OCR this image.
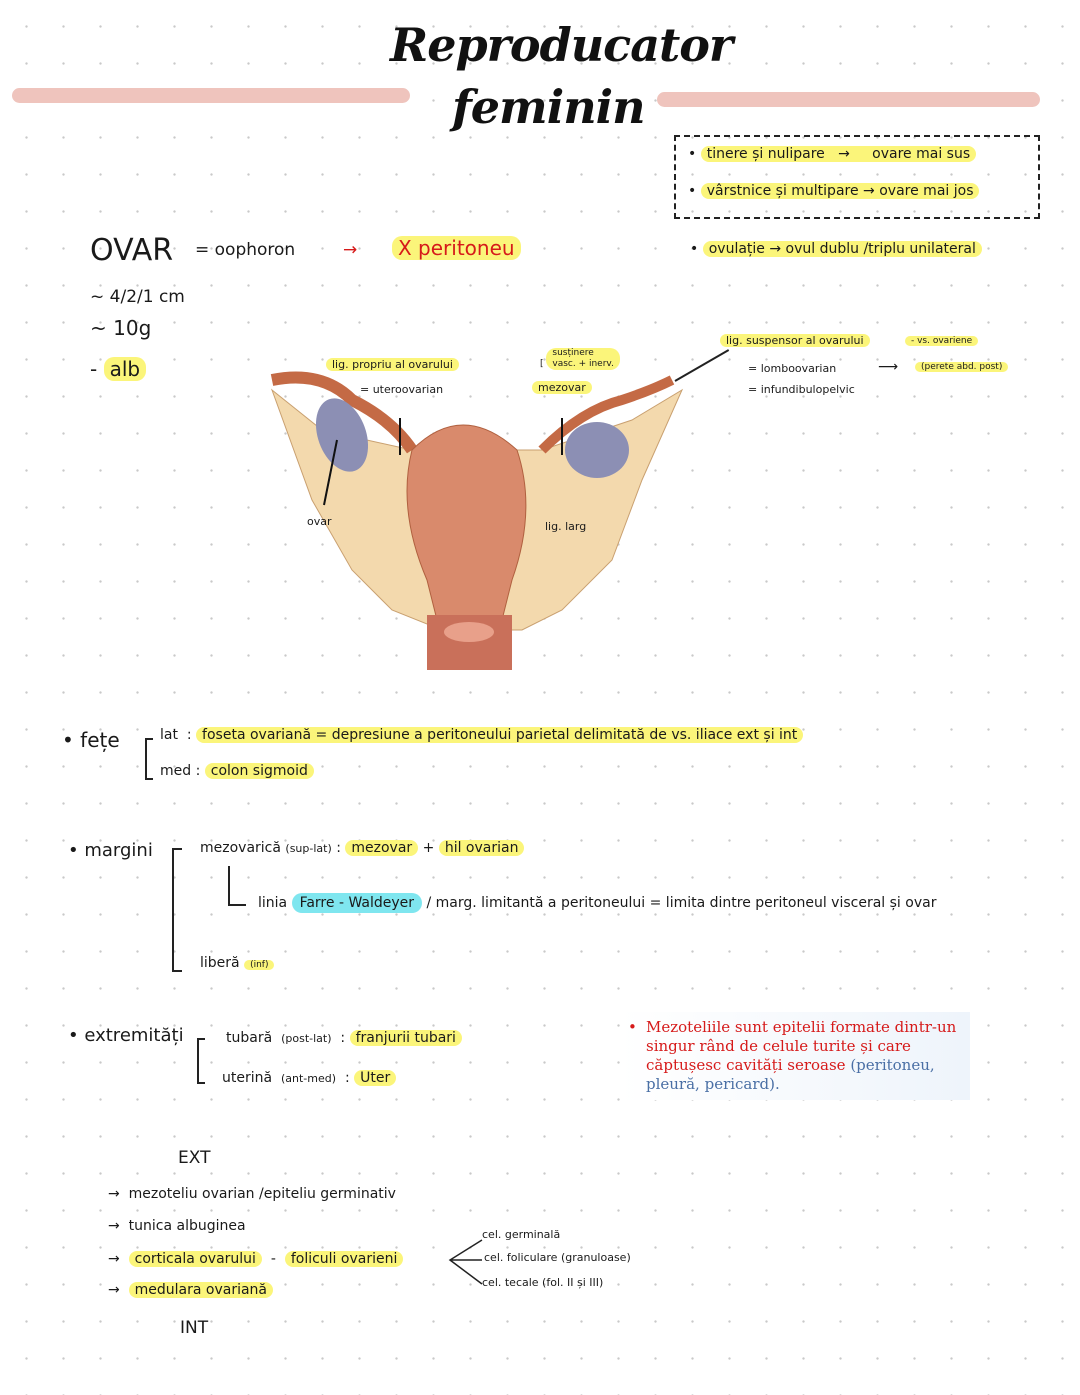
Reproducator
feminin
• tinere și nulipare → ovare mai sus
• vârstnice și multipare → ovare mai jos
• ovulație → ovul dublu /triplu unilateral
OVAR = oophoron	→	X peritoneu
~ 4/2/1 cm
~ 10g
- alb	lig. propriu al ovarului
= uteroovarian
[ susținere
vasc. + inerv.
mezovar
ovar	lig. larg
lig. suspensor al ovarului	- vs. ovariene
= lomboovarian
= infundibulopelvic
⟶	(perete abd. post)
• fețe	lat : foseta ovariană = depresiune a peritoneului parietal delimitată de vs. iliace ext și int
med : colon sigmoid
• margini	mezovarică (sup-lat) : mezovar + hil ovarian
linia Farre - Waldeyer / marg. limitantă a peritoneului = limita dintre peritoneul visceral și ovar
liberă (inf)
• extremități	tubară (post-lat) : franjurii tubari
uterină (ant-med) : Uter
• Mezoteliile sunt epitelii formate dintr-un singur rând de celule turite și care căptușesc cavități seroase (peritoneu, pleură, pericard).
EXT
→ mezoteliu ovarian /epiteliu germinativ
→ tunica albuginea
→ corticala ovarului - foliculi ovarieni
→ medulara ovariană
cel. germinală
cel. foliculare (granuloase)
cel. tecale (fol. II și III)
INT
